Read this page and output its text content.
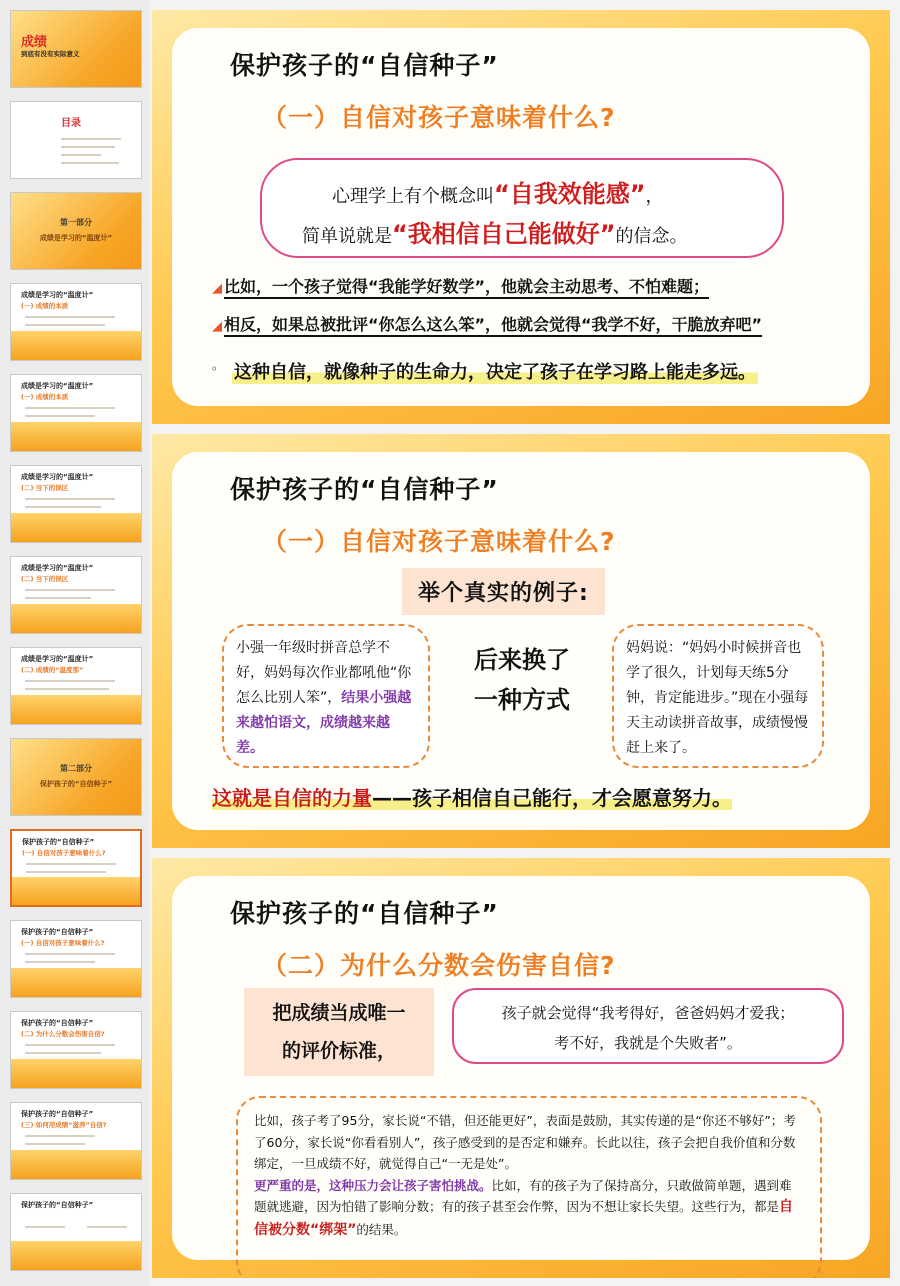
成绩
到底有没有实际意义
目录
第一部分
成绩是学习的“温度计”
成绩是学习的“温度计”
(一) 成绩的本质
成绩是学习的“温度计”
(一) 成绩的本质
成绩是学习的“温度计”
(二) 当下的误区
成绩是学习的“温度计”
(二) 当下的误区
成绩是学习的“温度计”
(二) 成绩的“温度那”
第二部分
保护孩子的“自信种子”
保护孩子的“自信种子”
(一) 自信对孩子意味着什么?
保护孩子的“自信种子”
(一) 自信对孩子意味着什么?
保护孩子的“自信种子”
(二) 为什么分数会伤害自信?
保护孩子的“自信种子”
(三) 如何用成绩“滋养”自信?
保护孩子的“自信种子”
保护孩子的“自信种子”
（一）自信对孩子意味着什么?
心理学上有个概念叫“自我效能感”，
简单说就是“我相信自己能做好”的信念。
◢ 比如，一个孩子觉得“我能学好数学”，他就会主动思考、不怕难题；
◢ 相反，如果总被批评“你怎么这么笨”，他就会觉得“我学不好，干脆放弃吧”
。 这种自信，就像种子的生命力，决定了孩子在学习路上能走多远。
保护孩子的“自信种子”
（一）自信对孩子意味着什么?
举个真实的例子:
小强一年级时拼音总学不好，妈妈每次作业都吼他“你怎么比别人笨”，结果小强越来越怕语文，成绩越来越差。
后来换了
一种方式
妈妈说：“妈妈小时候拼音也学了很久，计划每天练5分钟，肯定能进步。”现在小强每天主动读拼音故事，成绩慢慢赶上来了。
这就是自信的力量——孩子相信自己能行，才会愿意努力。
保护孩子的“自信种子”
（二）为什么分数会伤害自信?
把成绩当成唯一
的评价标准，
孩子就会觉得“我考得好，爸爸妈妈才爱我；
考不好，我就是个失败者”。
比如，孩子考了95分，家长说“不错，但还能更好”，表面是鼓励，其实传递的是“你还不够好”；考了60分，家长说“你看看别人”，孩子感受到的是否定和嫌弃。长此以往，孩子会把自我价值和分数绑定，一旦成绩不好，就觉得自己“一无是处”。
更严重的是，这种压力会让孩子害怕挑战。比如，有的孩子为了保持高分，只敢做简单题，遇到难题就逃避，因为怕错了影响分数；有的孩子甚至会作弊，因为不想让家长失望。这些行为，都是自信被分数“绑架”的结果。
